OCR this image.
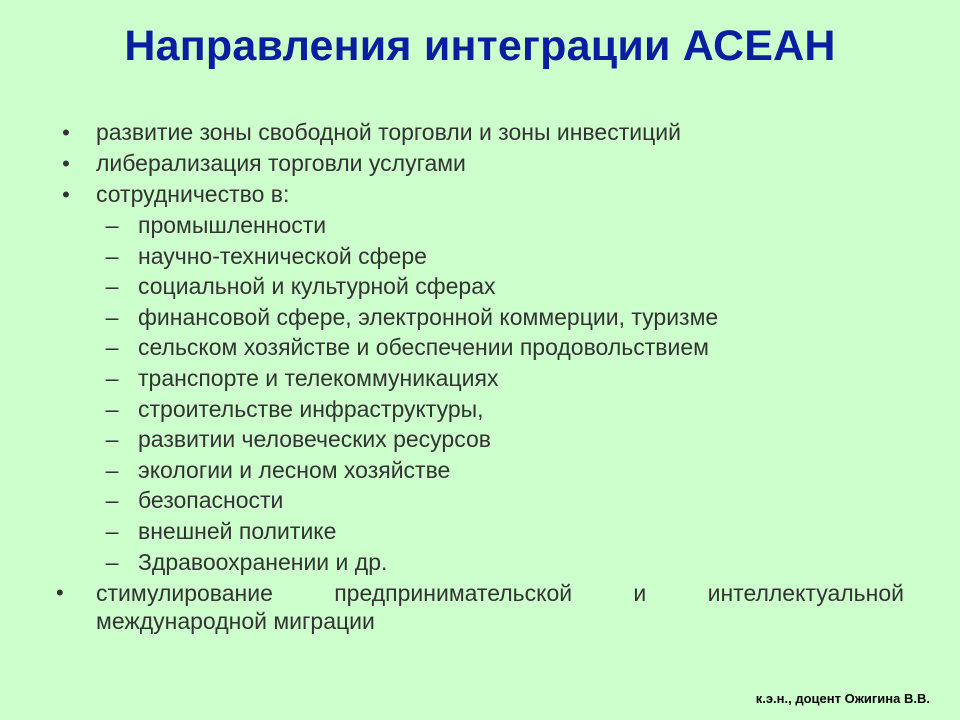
Направления интеграции АСЕАН
• развитие зоны свободной торговли и зоны инвестиций
• либерализация торговли услугами
• сотрудничество в:
– промышленности
– научно-технической сфере
– социальной и культурной сферах
– финансовой сфере, электронной коммерции, туризме
– сельском хозяйстве и обеспечении продовольствием
– транспорте и телекоммуникациях
– строительстве инфраструктуры,
– развитии человеческих ресурсов
– экологии и лесном хозяйстве
– безопасности
– внешней политике
– Здравоохранении и др.
•	стимулирование предпринимательской и интеллектуальной международной миграции
к.э.н., доцент Ожигина В.В.
